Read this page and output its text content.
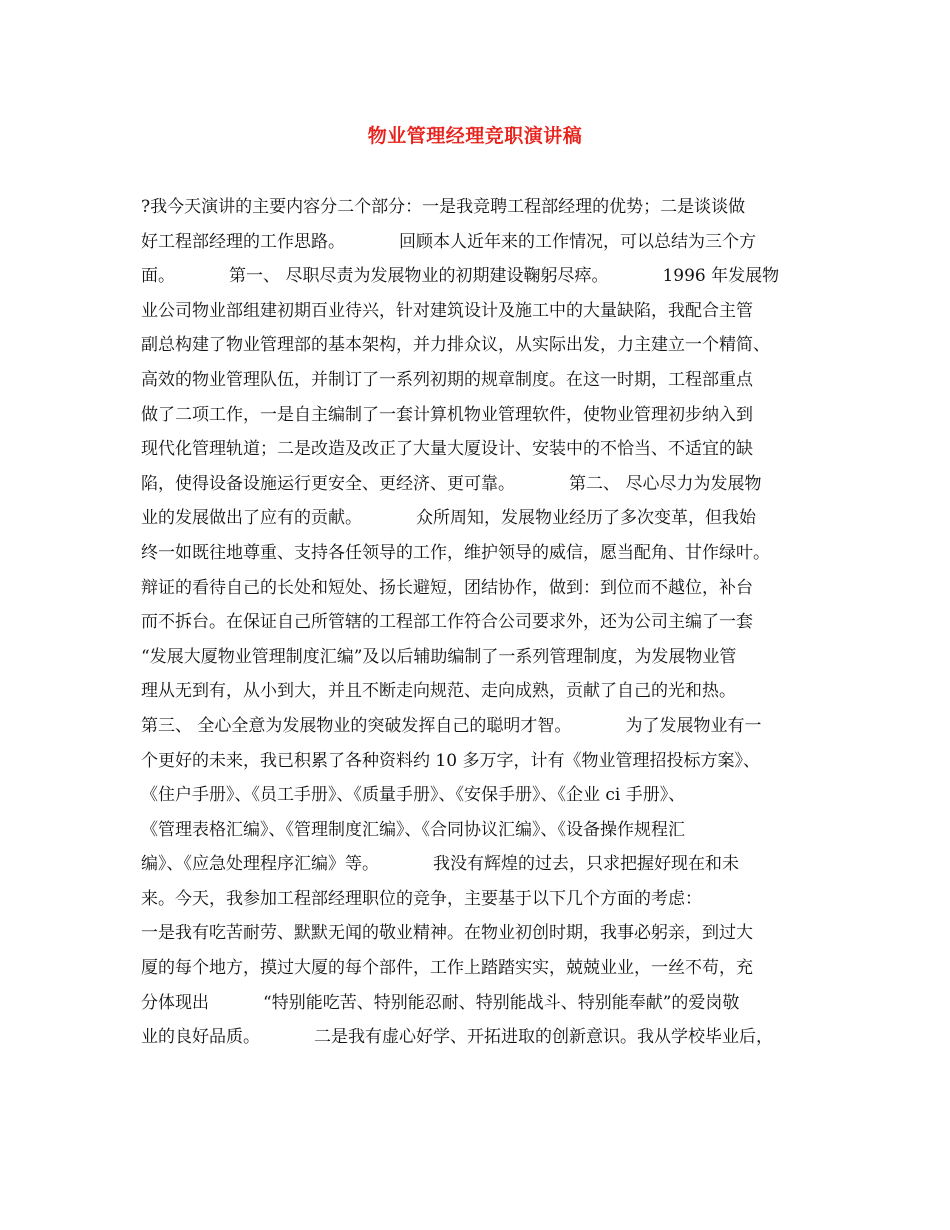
物业管理经理竞职演讲稿
?我今天演讲的主要内容分二个部分：一是我竞聘工程部经理的优势；二是谈谈做
好工程部经理的工作思路。          回顾本人近年来的工作情况，可以总结为三个方
面。          第一、 尽职尽责为发展物业的初期建设鞠躬尽瘁。          1996 年发展物
业公司物业部组建初期百业待兴，针对建筑设计及施工中的大量缺陷，我配合主管
副总构建了物业管理部的基本架构，并力排众议，从实际出发，力主建立一个精简、
高效的物业管理队伍，并制订了一系列初期的规章制度。在这一时期，工程部重点
做了二项工作，一是自主编制了一套计算机物业管理软件，使物业管理初步纳入到
现代化管理轨道；二是改造及改正了大量大厦设计、安装中的不恰当、不适宜的缺
陷，使得设备设施运行更安全、更经济、更可靠。          第二、 尽心尽力为发展物
业的发展做出了应有的贡献。          众所周知，发展物业经历了多次变革，但我始
终一如既往地尊重、支持各任领导的工作，维护领导的威信，愿当配角、甘作绿叶。
辩证的看待自己的长处和短处、扬长避短，团结协作，做到：到位而不越位，补台
而不拆台。在保证自己所管辖的工程部工作符合公司要求外，还为公司主编了一套
“发展大厦物业管理制度汇编”及以后辅助编制了一系列管理制度，为发展物业管
理从无到有，从小到大，并且不断走向规范、走向成熟，贡献了自己的光和热。
第三、 全心全意为发展物业的突破发挥自己的聪明才智。          为了发展物业有一
个更好的未来，我已积累了各种资料约 10 多万字，计有《物业管理招投标方案》、
《住户手册》、《员工手册》、《质量手册》、《安保手册》、《企业 ci 手册》、
《管理表格汇编》、《管理制度汇编》、《合同协议汇编》、《设备操作规程汇
编》、《应急处理程序汇编》等。          我没有辉煌的过去，只求把握好现在和未
来。今天，我参加工程部经理职位的竞争，主要基于以下几个方面的考虑：
一是我有吃苦耐劳、默默无闻的敬业精神。在物业初创时期，我事必躬亲，到过大
厦的每个地方，摸过大厦的每个部件，工作上踏踏实实，兢兢业业，一丝不苟，充
分体现出          “特别能吃苦、特别能忍耐、特别能战斗、特别能奉献”的爱岗敬
业的良好品质。          二是我有虚心好学、开拓进取的创新意识。我从学校毕业后，
